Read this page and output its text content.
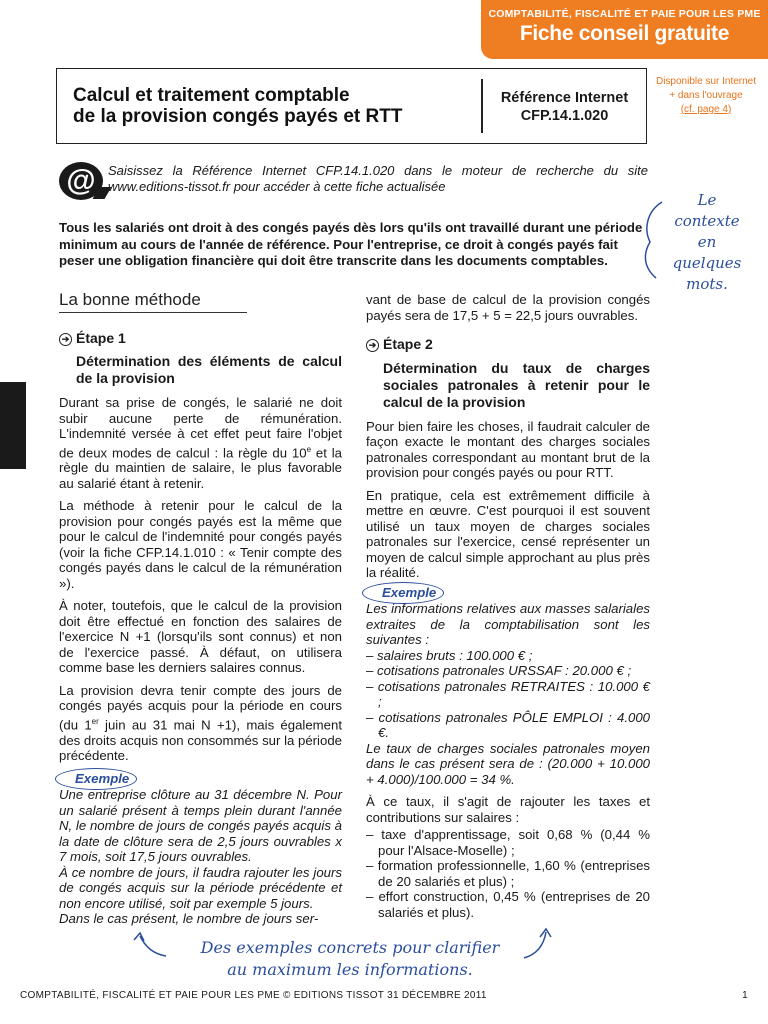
COMPTABILITÉ, FISCALITÉ ET PAIE POUR LES PME
Fiche conseil gratuite
Calcul et traitement comptable
de la provision congés payés et RTT
Référence Internet
CFP.14.1.020
Disponible sur Internet
+ dans l'ouvrage
(cf. page 4)
@ Saisissez la Référence Internet CFP.14.1.020 dans le moteur de recherche du site www.editions-tissot.fr pour accéder à cette fiche actualisée
Tous les salariés ont droit à des congés payés dès lors qu'ils ont travaillé durant une période minimum au cours de l'année de référence. Pour l'entreprise, ce droit à congés payés fait peser une obligation financière qui doit être transcrite dans les documents comptables.
Le
contexte
en
quelques
mots.
La bonne méthode
➔ Étape 1
Détermination des éléments de calcul de la provision

Durant sa prise de congés, le salarié ne doit subir aucune perte de rémunération. L'indemnité versée à cet effet peut faire l'objet de deux modes de calcul : la règle du 10e et la règle du maintien de salaire, le plus favorable au salarié étant à retenir.

La méthode à retenir pour le calcul de la provision pour congés payés est la même que pour le calcul de l'indemnité pour congés payés (voir la fiche CFP.14.1.010 : « Tenir compte des congés payés dans le calcul de la rémunération »).

À noter, toutefois, que le calcul de la provision doit être effectué en fonction des salaires de l'exercice N +1 (lorsqu'ils sont connus) et non de l'exercice passé. À défaut, on utilisera comme base les derniers salaires connus.

La provision devra tenir compte des jours de congés payés acquis pour la période en cours (du 1er juin au 31 mai N +1), mais également des droits acquis non consommés sur la période précédente.

Exemple
Une entreprise clôture au 31 décembre N. Pour un salarié présent à temps plein durant l'année N, le nombre de jours de congés payés acquis à la date de clôture sera de 2,5 jours ouvrables x 7 mois, soit 17,5 jours ouvrables.
À ce nombre de jours, il faudra rajouter les jours de congés acquis sur la période précédente et non encore utilisé, soit par exemple 5 jours.
Dans le cas présent, le nombre de jours ser-

vant de base de calcul de la provision congés payés sera de 17,5 + 5 = 22,5 jours ouvrables.

➔ Étape 2
Détermination du taux de charges sociales patronales à retenir pour le calcul de la provision

Pour bien faire les choses, il faudrait calculer de façon exacte le montant des charges sociales patronales correspondant au montant brut de la provision pour congés payés ou pour RTT.

En pratique, cela est extrêmement difficile à mettre en œuvre. C'est pourquoi il est souvent utilisé un taux moyen de charges sociales patronales sur l'exercice, censé représenter un moyen de calcul simple approchant au plus près la réalité.

Exemple
Les informations relatives aux masses salariales extraites de la comptabilisation sont les suivantes :
– salaires bruts : 100.000 € ;
– cotisations patronales URSSAF : 20.000 € ;
– cotisations patronales RETRAITES : 10.000 € ;
– cotisations patronales PÔLE EMPLOI : 4.000 €.

Le taux de charges sociales patronales moyen dans le cas présent sera de : (20.000 + 10.000 + 4.000)/100.000 = 34 %.

À ce taux, il s'agit de rajouter les taxes et contributions sur salaires :

– taxe d'apprentissage, soit 0,68 % (0,44 % pour l'Alsace-Moselle) ;
– formation professionnelle, 1,60 % (entreprises de 20 salariés et plus) ;
– effort construction, 0,45 % (entreprises de 20 salariés et plus).
Des exemples concrets pour clarifier
au maximum les informations.
COMPTABILITÉ, FISCALITÉ ET PAIE POUR LES PME © EDITIONS TISSOT 31 DÉCEMBRE 2011	1
